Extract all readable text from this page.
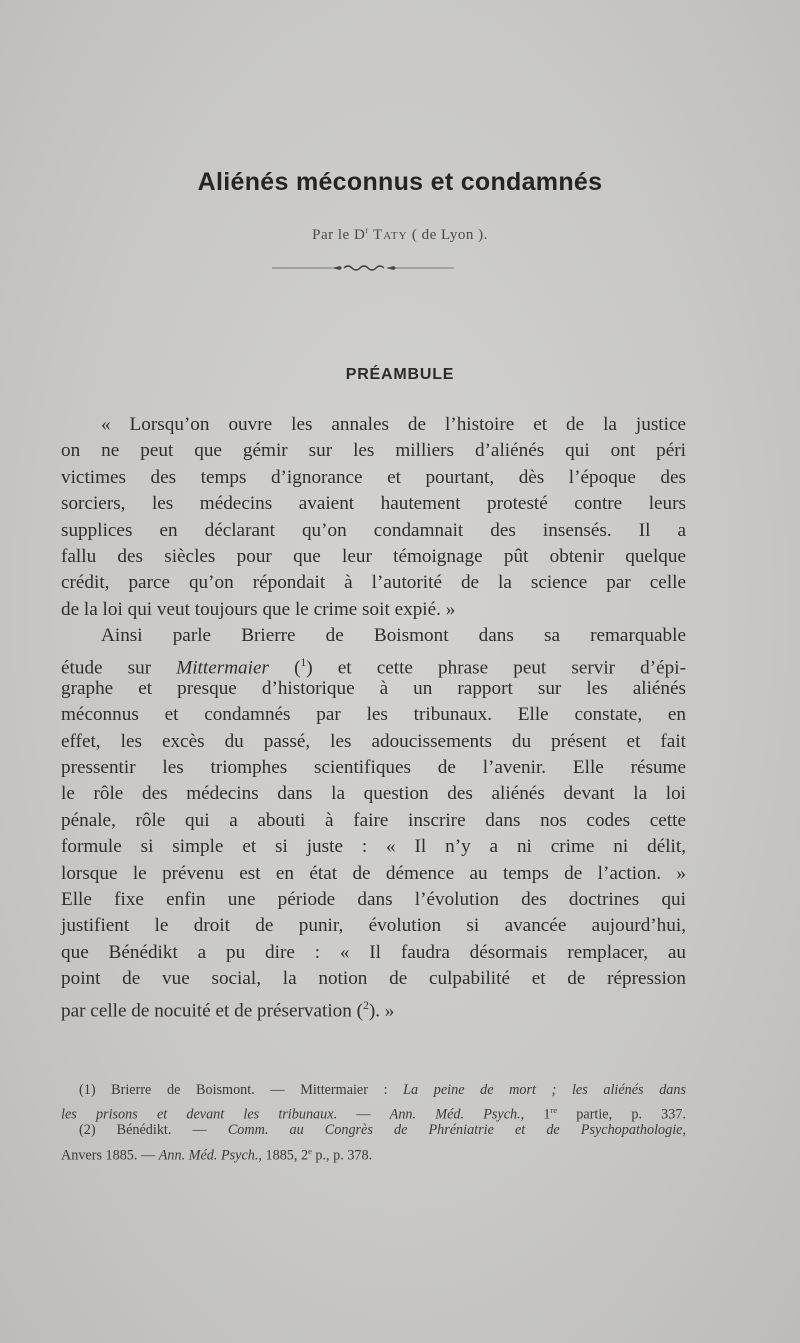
Aliénés méconnus et condamnés
Par le $D^r$ Taty ( de Lyon ).
PRÉAMBULE
« Lorsqu’on ouvre les annales de l’histoire et de la justice
on ne peut que gémir sur les milliers d’aliénés qui ont péri
victimes des temps d’ignorance et pourtant, dès l’époque des
sorciers, les médecins avaient hautement protesté contre leurs
supplices en déclarant qu’on condamnait des insensés. Il a
fallu des siècles pour que leur témoignage pût obtenir quelque
crédit, parce qu’on répondait à l’autorité de la science par celle
de la loi qui veut toujours que le crime soit expié. »
Ainsi parle Brierre de Boismont dans sa remarquable
étude sur Mittermaier ($^1$) et cette phrase peut servir d’épi-
graphe et presque d’historique à un rapport sur les aliénés
méconnus et condamnés par les tribunaux. Elle constate, en
effet, les excès du passé, les adoucissements du présent et fait
pressentir les triomphes scientifiques de l’avenir. Elle résume
le rôle des médecins dans la question des aliénés devant la loi
pénale, rôle qui a abouti à faire inscrire dans nos codes cette
formule si simple et si juste : « Il n’y a ni crime ni délit,
lorsque le prévenu est en état de démence au temps de l’action. »
Elle fixe enfin une période dans l’évolution des doctrines qui
justifient le droit de punir, évolution si avancée aujourd’hui,
que Bénédikt a pu dire : « Il faudra désormais remplacer, au
point de vue social, la notion de culpabilité et de répression
par celle de nocuité et de préservation ($^2$). »
(1) Brierre de Boismont. — Mittermaier : La peine de mort ; les aliénés dans
les prisons et devant les tribunaux. — Ann. Méd. Psych., 1re partie, p. 337.
(2) Bénédikt. — Comm. au Congrès de Phréniatrie et de Psychopathologie,
Anvers 1885. — Ann. Méd. Psych., 1885, 2e p., p. 378.
